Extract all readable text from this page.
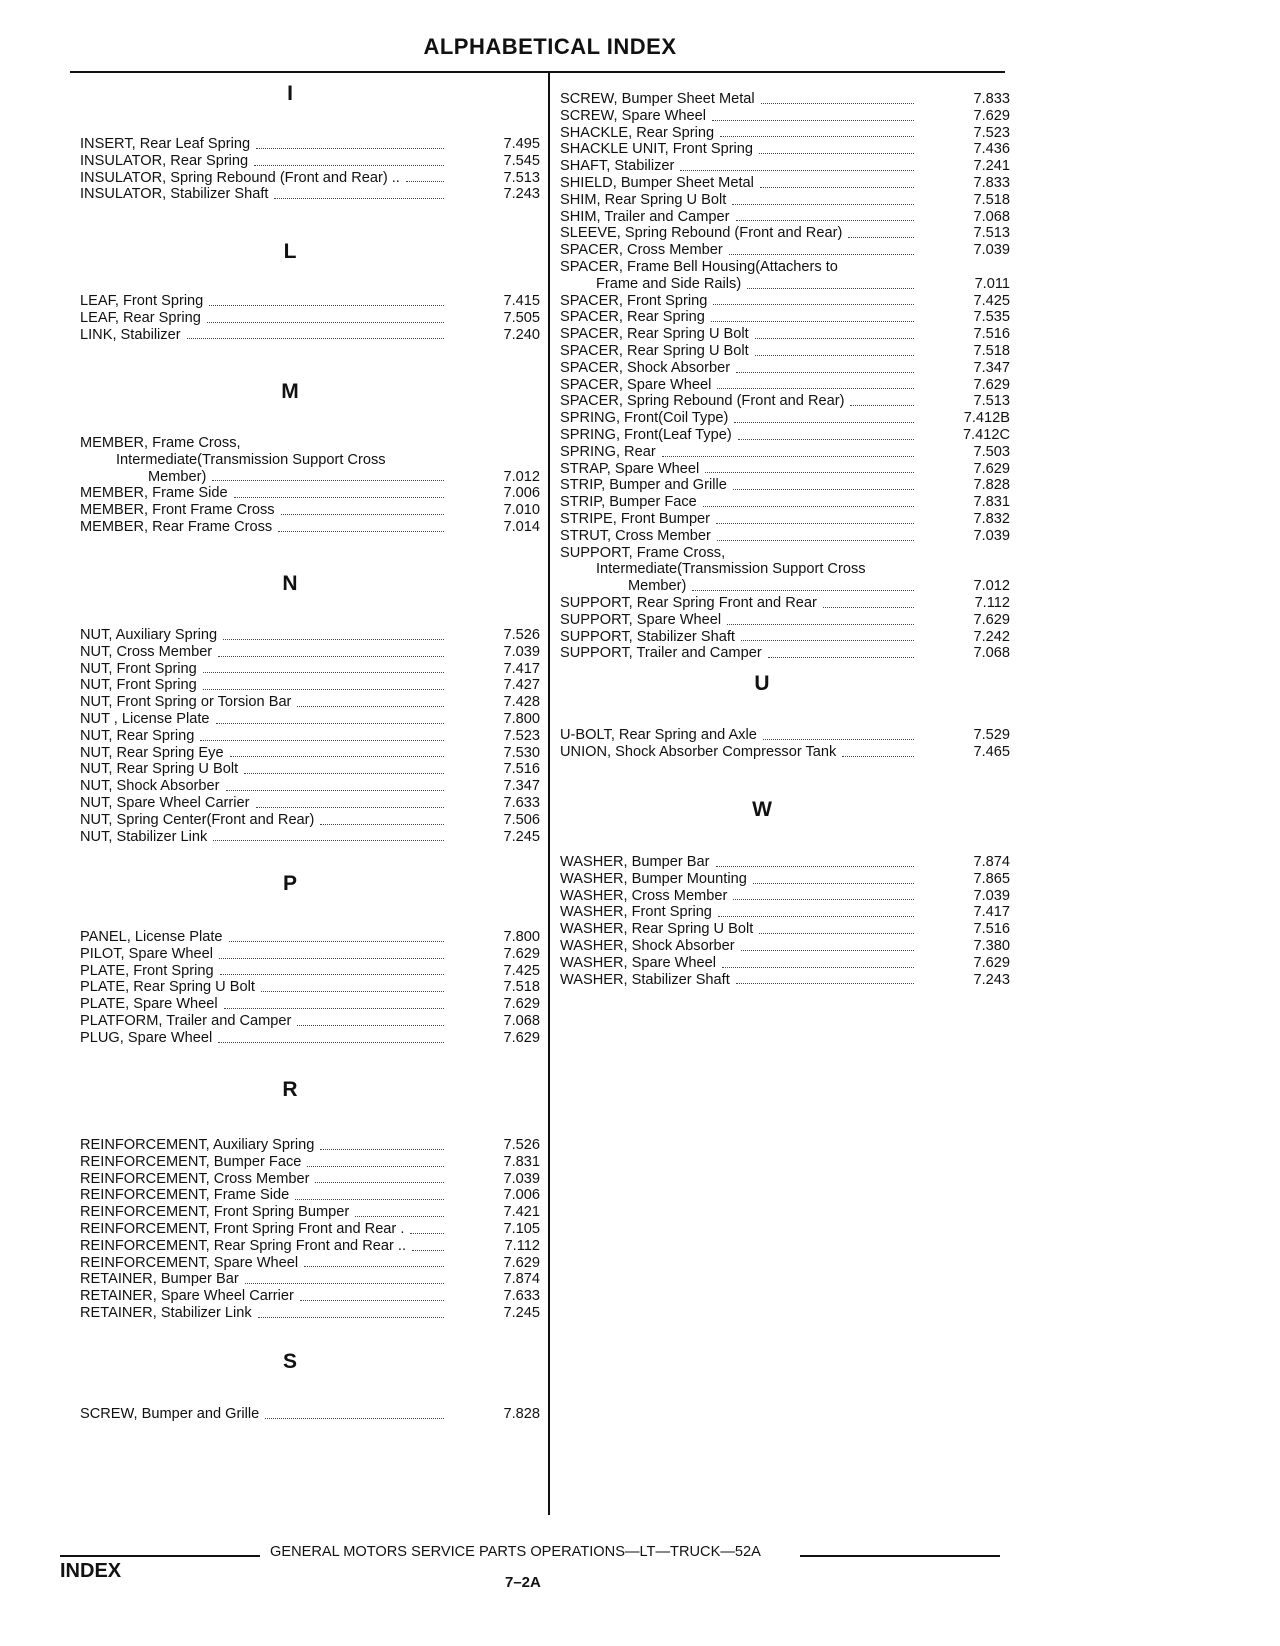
ALPHABETICAL INDEX
I
INSERT, Rear Leaf Spring	7.495
INSULATOR, Rear Spring	7.545
INSULATOR, Spring Rebound (Front and Rear) ..	7.513
INSULATOR, Stabilizer Shaft	7.243
L
LEAF, Front Spring	7.415
LEAF, Rear Spring	7.505
LINK, Stabilizer	7.240
M
MEMBER, Frame Cross,
Intermediate(Transmission Support Cross
Member)	7.012
MEMBER, Frame Side	7.006
MEMBER, Front Frame Cross	7.010
MEMBER, Rear Frame Cross	7.014
N
NUT, Auxiliary Spring	7.526
NUT, Cross Member	7.039
NUT, Front Spring	7.417
NUT, Front Spring	7.427
NUT, Front Spring or Torsion Bar	7.428
NUT , License Plate	7.800
NUT, Rear Spring	7.523
NUT, Rear Spring Eye	7.530
NUT, Rear Spring U Bolt	7.516
NUT, Shock Absorber	7.347
NUT, Spare Wheel Carrier	7.633
NUT, Spring Center(Front and Rear)	7.506
NUT, Stabilizer Link	7.245
P
PANEL, License Plate	7.800
PILOT, Spare Wheel	7.629
PLATE, Front Spring	7.425
PLATE, Rear Spring U Bolt	7.518
PLATE, Spare Wheel	7.629
PLATFORM, Trailer and Camper	7.068
PLUG, Spare Wheel	7.629
R
REINFORCEMENT, Auxiliary Spring	7.526
REINFORCEMENT, Bumper Face	7.831
REINFORCEMENT, Cross Member	7.039
REINFORCEMENT, Frame Side	7.006
REINFORCEMENT, Front Spring Bumper	7.421
REINFORCEMENT, Front Spring Front and Rear .	7.105
REINFORCEMENT, Rear Spring Front and Rear ..	7.112
REINFORCEMENT, Spare Wheel	7.629
RETAINER, Bumper Bar	7.874
RETAINER, Spare Wheel Carrier	7.633
RETAINER, Stabilizer Link	7.245
S
SCREW, Bumper and Grille	7.828
SCREW, Bumper Sheet Metal	7.833
SCREW, Spare Wheel	7.629
SHACKLE, Rear Spring	7.523
SHACKLE UNIT, Front Spring	7.436
SHAFT, Stabilizer	7.241
SHIELD, Bumper Sheet Metal	7.833
SHIM, Rear Spring U Bolt	7.518
SHIM, Trailer and Camper	7.068
SLEEVE, Spring Rebound (Front and Rear)	7.513
SPACER, Cross Member	7.039
SPACER, Frame Bell Housing(Attachers to
Frame and Side Rails)	7.011
SPACER, Front Spring	7.425
SPACER, Rear Spring	7.535
SPACER, Rear Spring U Bolt	7.516
SPACER, Rear Spring U Bolt	7.518
SPACER, Shock Absorber	7.347
SPACER, Spare Wheel	7.629
SPACER, Spring Rebound (Front and Rear)	7.513
SPRING, Front(Coil Type)	7.412B
SPRING, Front(Leaf Type)	7.412C
SPRING, Rear	7.503
STRAP, Spare Wheel	7.629
STRIP, Bumper and Grille	7.828
STRIP, Bumper Face	7.831
STRIPE, Front Bumper	7.832
STRUT, Cross Member	7.039
SUPPORT, Frame Cross,
Intermediate(Transmission Support Cross
Member)	7.012
SUPPORT, Rear Spring Front and Rear	7.112
SUPPORT, Spare Wheel	7.629
SUPPORT, Stabilizer Shaft	7.242
SUPPORT, Trailer and Camper	7.068
U
U-BOLT, Rear Spring and Axle	7.529
UNION, Shock Absorber Compressor Tank	7.465
W
WASHER, Bumper Bar	7.874
WASHER, Bumper Mounting	7.865
WASHER, Cross Member	7.039
WASHER, Front Spring	7.417
WASHER, Rear Spring U Bolt	7.516
WASHER, Shock Absorber	7.380
WASHER, Spare Wheel	7.629
WASHER, Stabilizer Shaft	7.243
GENERAL MOTORS SERVICE PARTS OPERATIONS—LT—TRUCK—52A
INDEX
7–2A
